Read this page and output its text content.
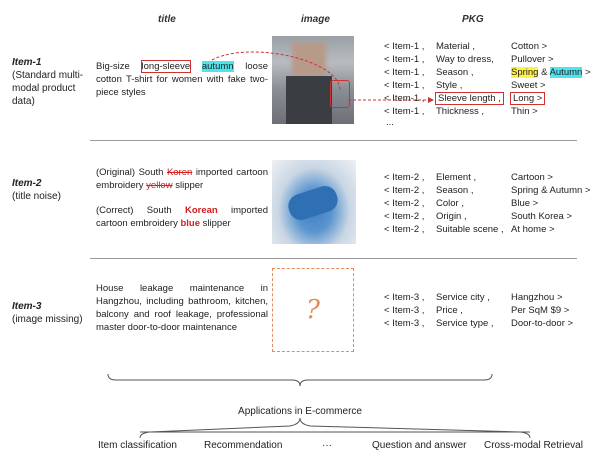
title	image	PKG
Item-1
(Standard multi-modal product data)
Big-size long-sleeve autumn loose cotton T-shirt for women with fake two-piece styles
< Item-1 ,	Material ,	Cotton >
< Item-1 ,	Way to dress,	Pullover >
< Item-1 ,	Season ,	Spring & Autumn >
< Item-1 ,	Style ,	Sweet >
< Item-1 ,	Sleeve length ,	Long >
< Item-1 ,	Thickness ,	Thin >
...
Item-2
(title noise)
(Original) South Koren imported cartoon embroidery yellow slipper
(Correct) South Korean imported cartoon embroidery blue slipper
< Item-2 ,	Element ,	Cartoon >
< Item-2 ,	Season ,	Spring & Autumn >
< Item-2 ,	Color ,	Blue >
< Item-2 ,	Origin ,	South Korea >
< Item-2 ,	Suitable scene ,	At home >
Item-3
(image missing)
House leakage maintenance in Hangzhou, including bathroom, kitchen, balcony and roof leakage, professional master door-to-door maintenance
?	< Item-3 ,	Service city ,	Hangzhou >
< Item-3 ,	Price ,	Per SqM $9 >
< Item-3 ,	Service type ,	Door-to-door >
Applications in E-commerce
Item classification	Recommendation	···	Question and answer Cross-modal Retrieval
